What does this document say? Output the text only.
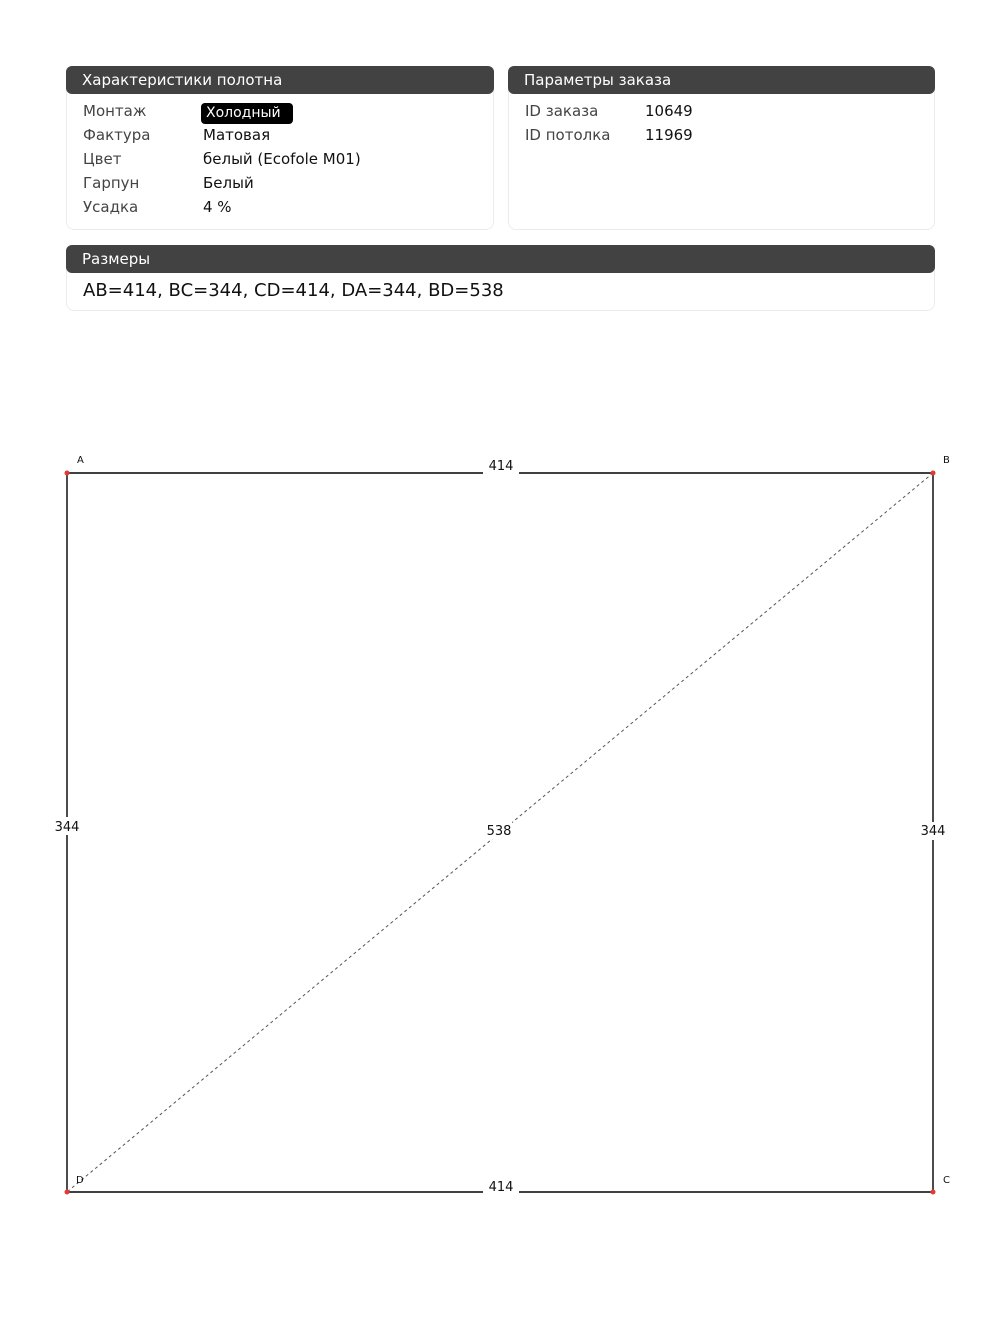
Характеристики полотна
Монтаж	Холодный
Фактура	Матовая
Цвет	белый (Ecofole M01)
Гарпун	Белый
Усадка	4 %
Параметры заказа
ID заказа	10649
ID потолка 11969
Размеры
AB=414, BC=344, CD=414, DA=344, BD=538
414
414
344	344
538
A	B
C
D
